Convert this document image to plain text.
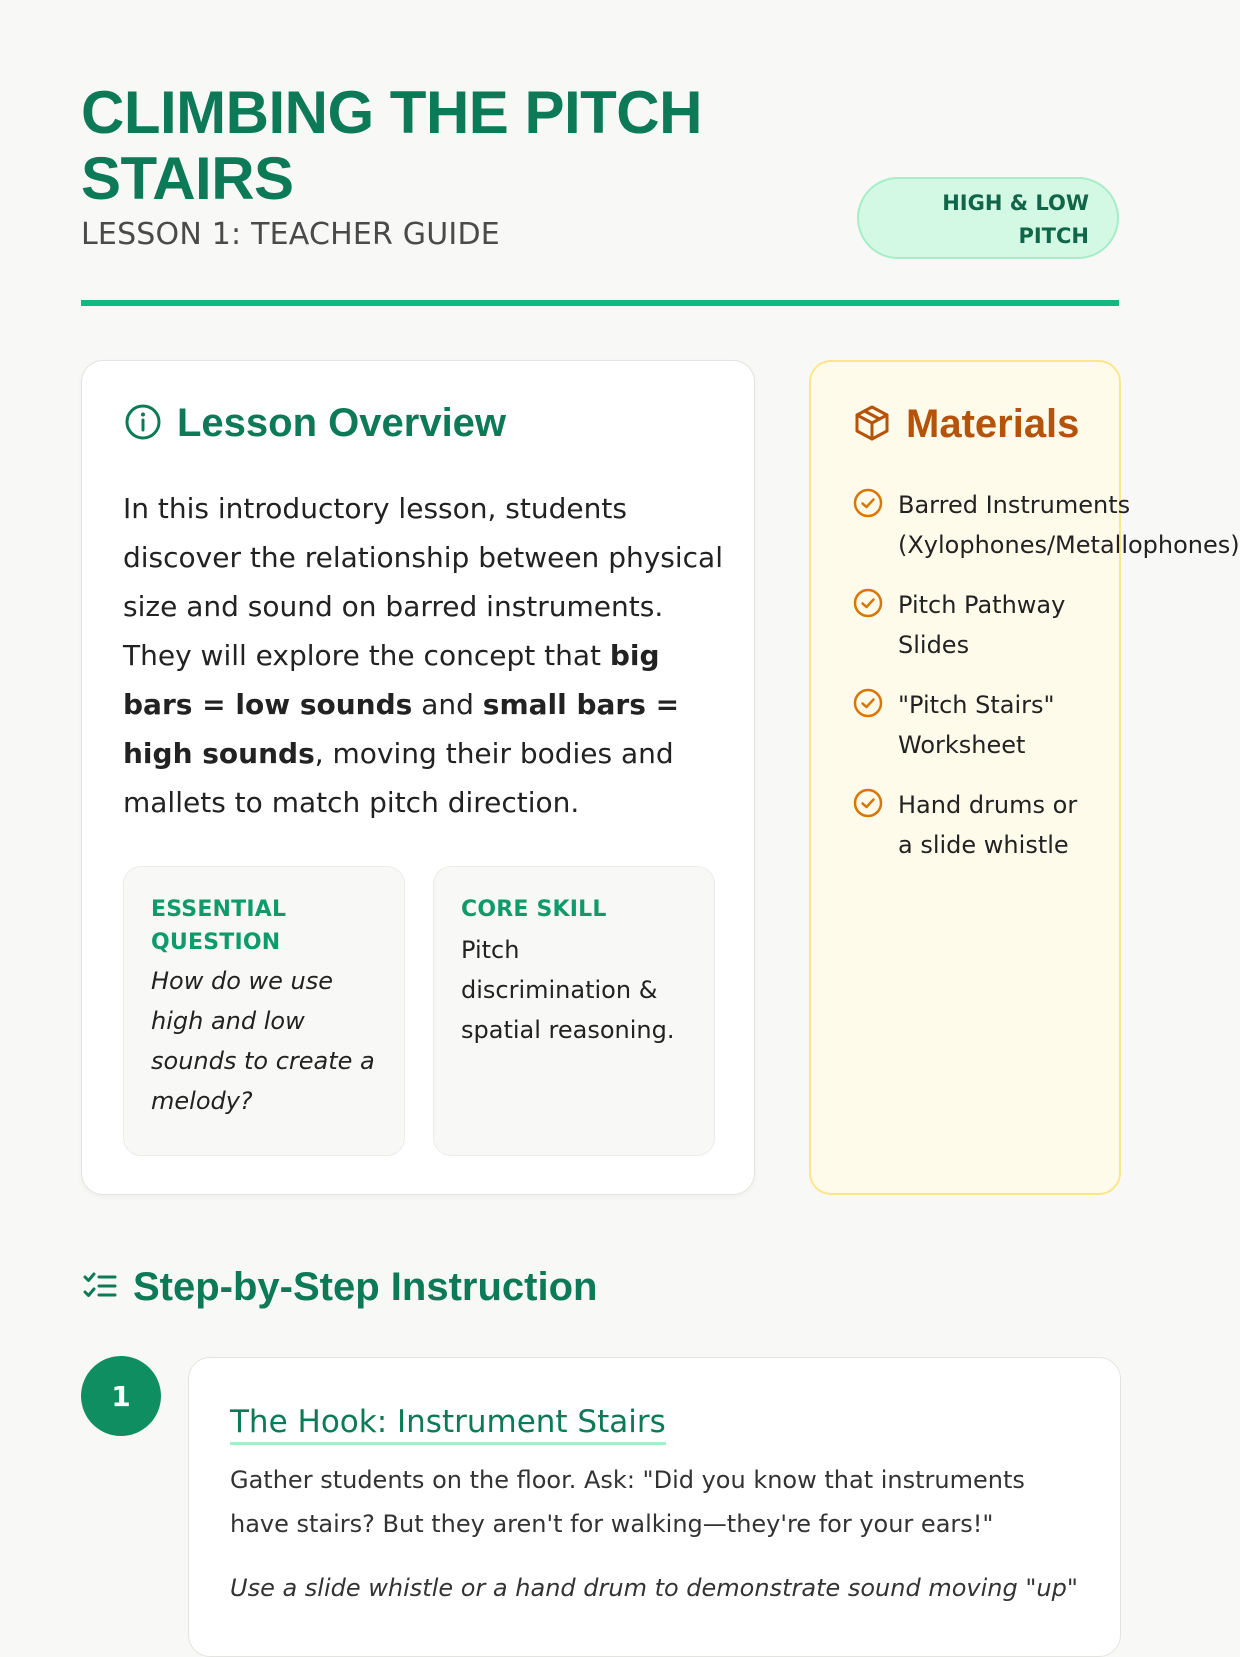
CLIMBING THE PITCH STAIRS
LESSON 1: TEACHER GUIDE
HIGH & LOW PITCH
Lesson Overview

In this introductory lesson, students discover the relationship between physical size and sound on barred instruments. They will explore the concept that big bars = low sounds and small bars = high sounds, moving their bodies and mallets to match pitch direction.

ESSENTIAL QUESTION
How do we use high and low sounds to create a melody?
CORE SKILL
Pitch discrimination & spatial reasoning.
Materials
Barred Instruments
(Xylophones/Metallophones)
Pitch Pathway
Slides
"Pitch Stairs"
Worksheet
Hand drums or
a slide whistle
Step-by-Step Instruction
1
The Hook: Instrument Stairs

Gather students on the floor. Ask: "Did you know that instruments have stairs? But they aren't for walking—they're for your ears!"

Use a slide whistle or a hand drum to demonstrate sound moving "up"
